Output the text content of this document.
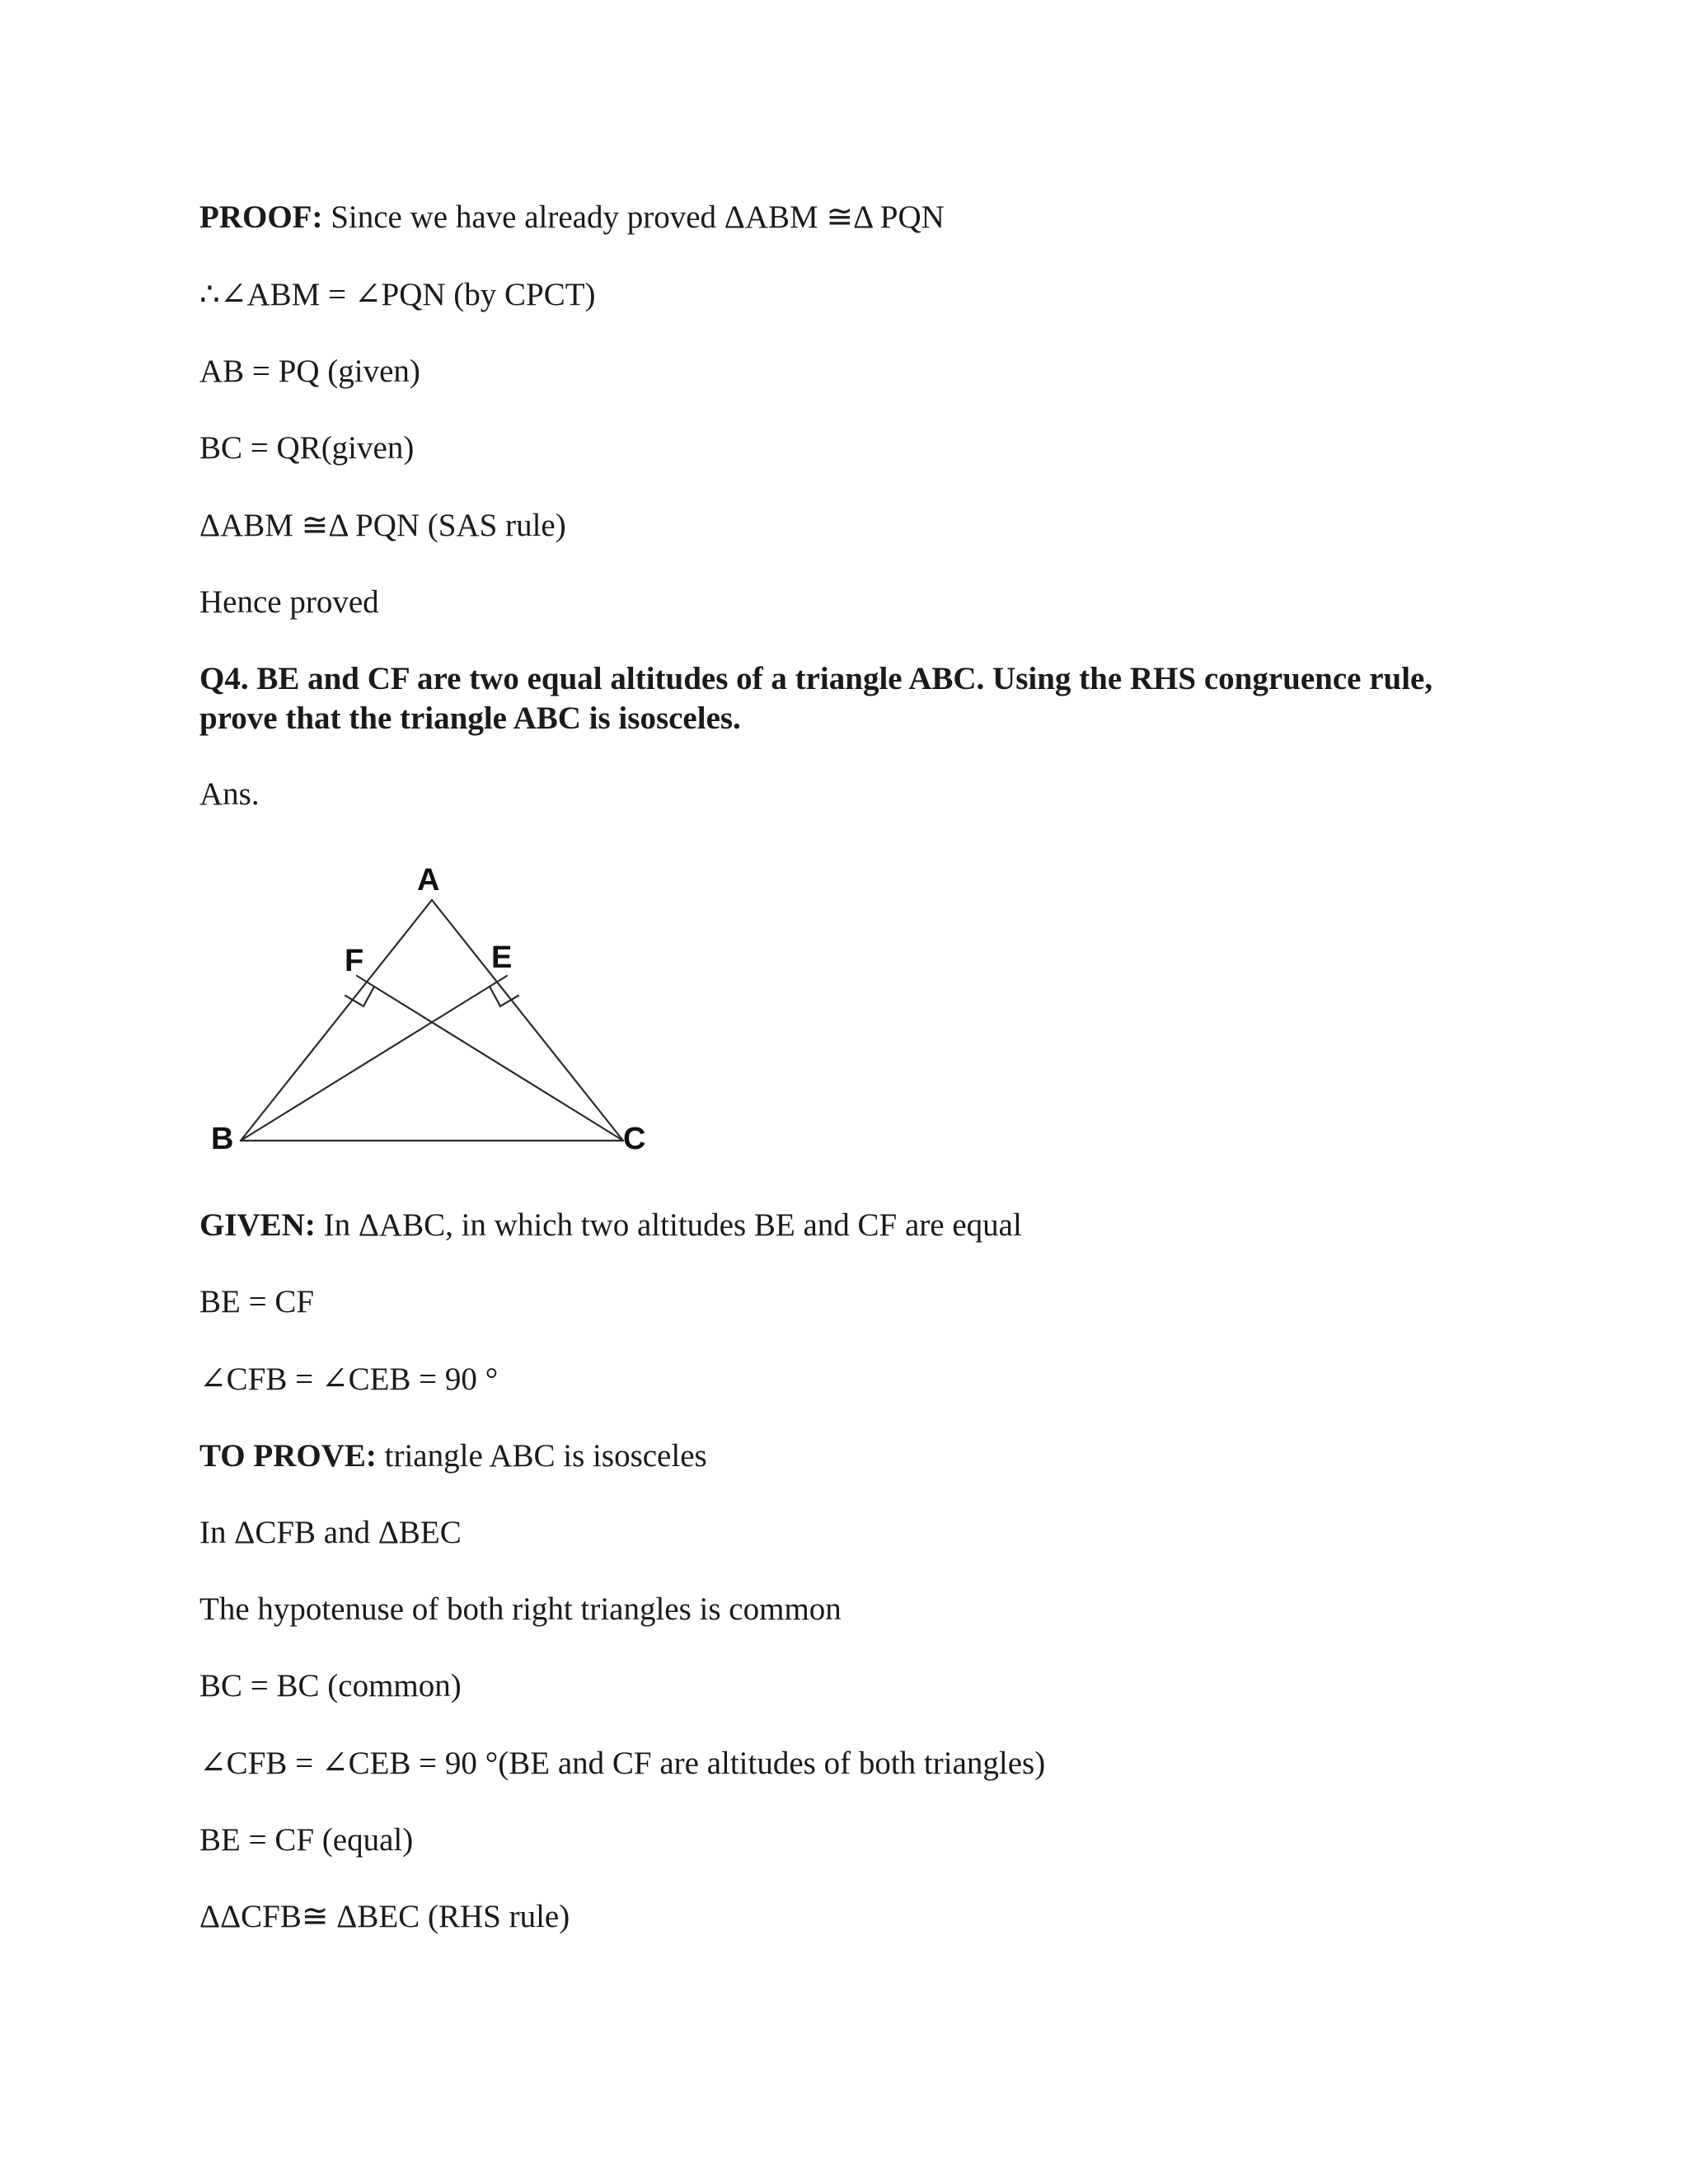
PROOF: Since we have already proved ΔABM ≅Δ PQN
∴∠ABM = ∠PQN (by CPCT)
AB = PQ (given)
BC = QR(given)
ΔABM ≅Δ PQN (SAS rule)
Hence proved
Q4. BE and CF are two equal altitudes of a triangle ABC. Using the RHS congruence rule, prove that the triangle ABC is isosceles.
Ans.
A
B	C
E
F
GIVEN: In ΔABC, in which two altitudes BE and CF are equal
BE = CF
∠CFB = ∠CEB = 90 °
TO PROVE: triangle ABC is isosceles
In ΔCFB and ΔBEC
The hypotenuse of both right triangles is common
BC = BC (common)
∠CFB = ∠CEB = 90 °(BE and CF are altitudes of both triangles)
BE = CF (equal)
ΔΔCFB≅ ΔBEC (RHS rule)
